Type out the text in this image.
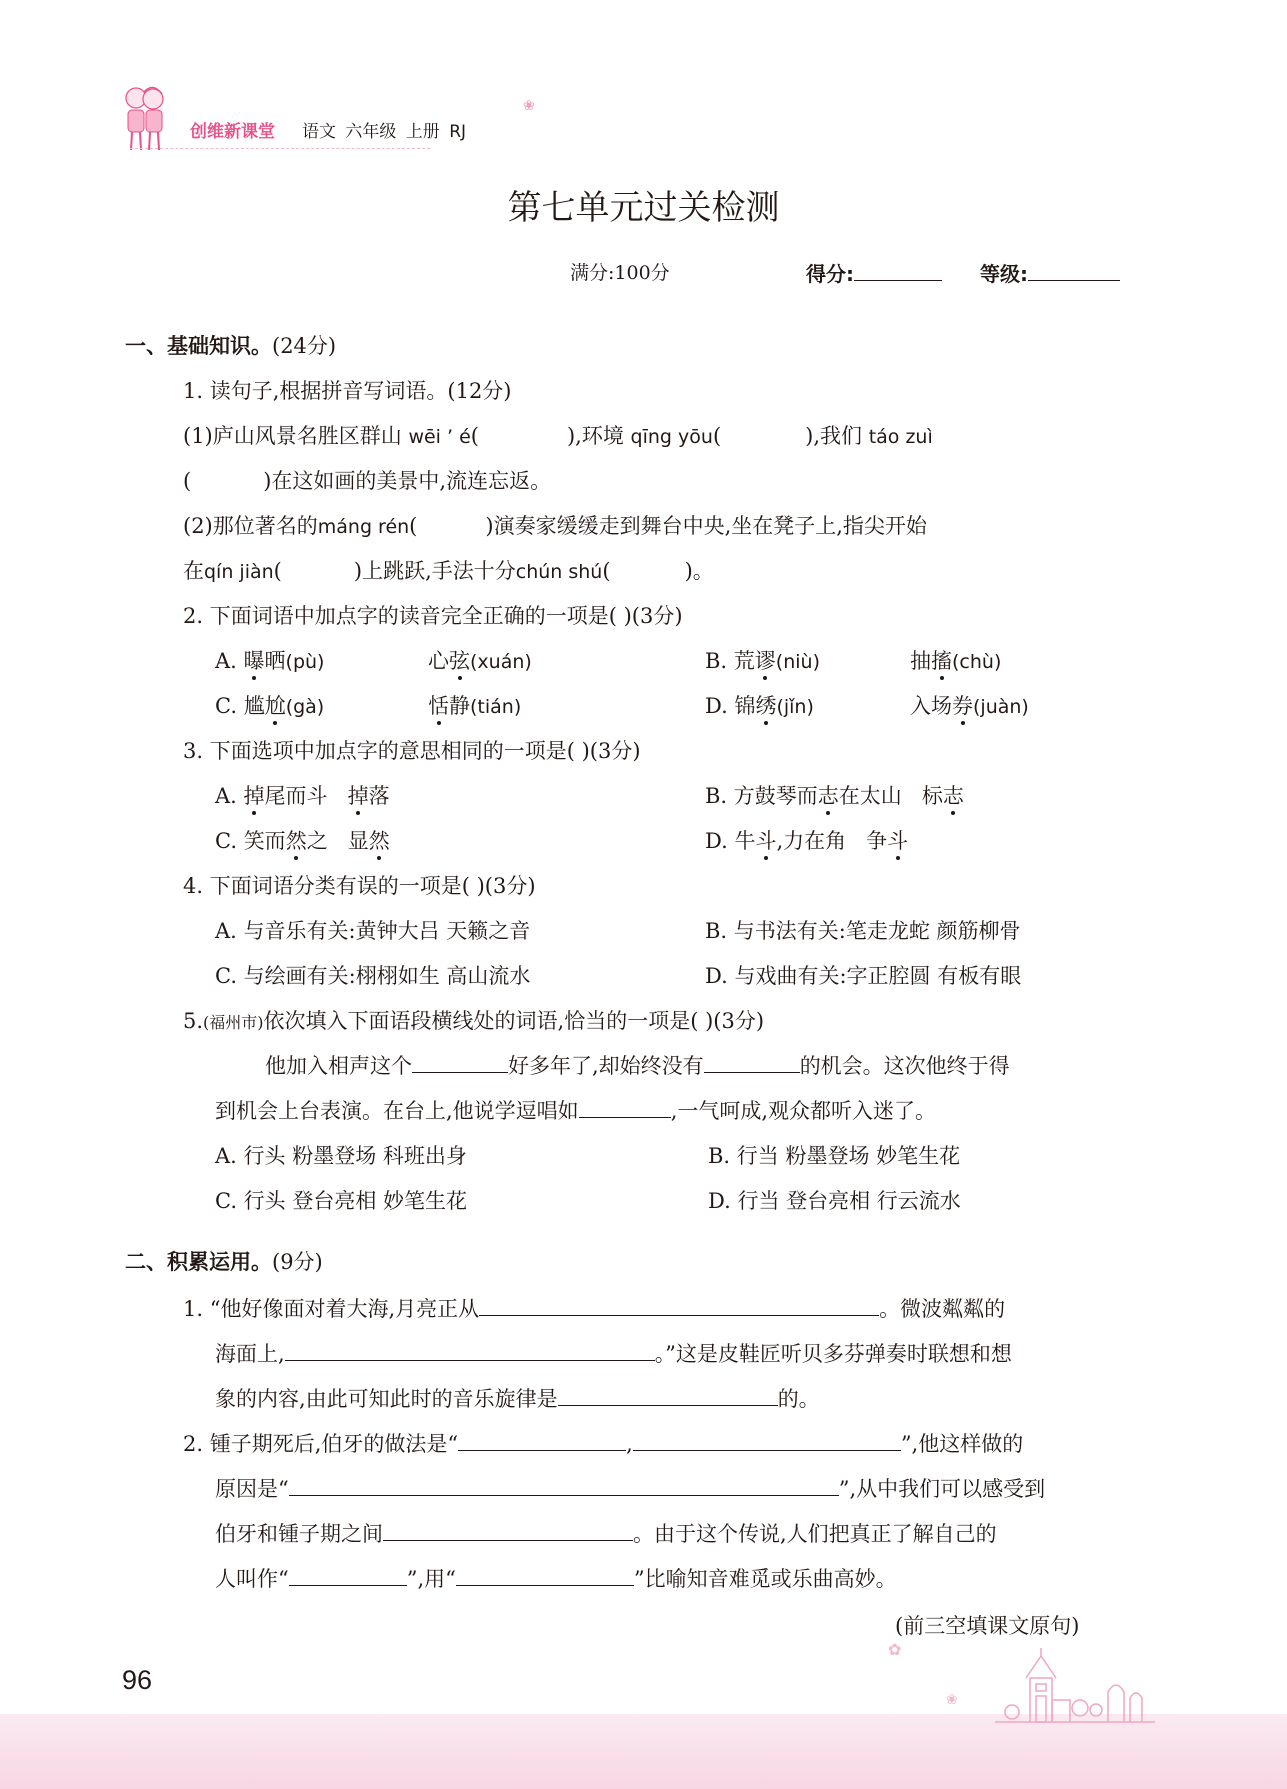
创维新课堂 语文 六年级 上册 RJ
❀
第七单元过关检测
满分:100分	得分:	等级:
一、基础知识。(24分)
1. 读句子,根据拼音写词语。(12分)
(1)庐山风景名胜区群山 wēi ’ é(	),环境 qīng yōu(	),我们 táo zuì
(	)在这如画的美景中,流连忘返。
(2)那位著名的máng rén(	)演奏家缓缓走到舞台中央,坐在凳子上,指尖开始
在qín jiàn(	)上跳跃,手法十分chún shú(	)。
2. 下面词语中加点字的读音完全正确的一项是( )(3分)
A. 曝晒(pù)	心弦(xuán)	B. 荒谬(niù)	抽搐(chù)
C. 尴尬(gà)	恬静(tián)	D. 锦绣(jǐn)	入场券(juàn)
3. 下面选项中加点字的意思相同的一项是( )(3分)
A. 掉尾而斗 掉落	B. 方鼓琴而志在太山 标志
C. 笑而然之 显然	D. 牛斗,力在角 争斗
4. 下面词语分类有误的一项是( )(3分)
A. 与音乐有关:黄钟大吕 天籁之音	B. 与书法有关:笔走龙蛇 颜筋柳骨
C. 与绘画有关:栩栩如生 高山流水	D. 与戏曲有关:字正腔圆 有板有眼
5.(福州市)依次填入下面语段横线处的词语,恰当的一项是( )(3分)
他加入相声这个	好多年了,却始终没有	的机会。这次他终于得
到机会上台表演。在台上,他说学逗唱如	,一气呵成,观众都听入迷了。
A. 行头 粉墨登场 科班出身	B. 行当 粉墨登场 妙笔生花
C. 行头 登台亮相 妙笔生花	D. 行当 登台亮相 行云流水
二、积累运用。(9分)
1. “他好像面对着大海,月亮正从	。微波粼粼的
海面上,	。”这是皮鞋匠听贝多芬弹奏时联想和想
象的内容,由此可知此时的音乐旋律是	的。
2. 锺子期死后,伯牙的做法是“	,	”,他这样做的
原因是“	”,从中我们可以感受到
伯牙和锺子期之间	。由于这个传说,人们把真正了解自己的
人叫作“	”,用“	”比喻知音难觅或乐曲高妙。
(前三空填课文原句)
96
✿
❀
